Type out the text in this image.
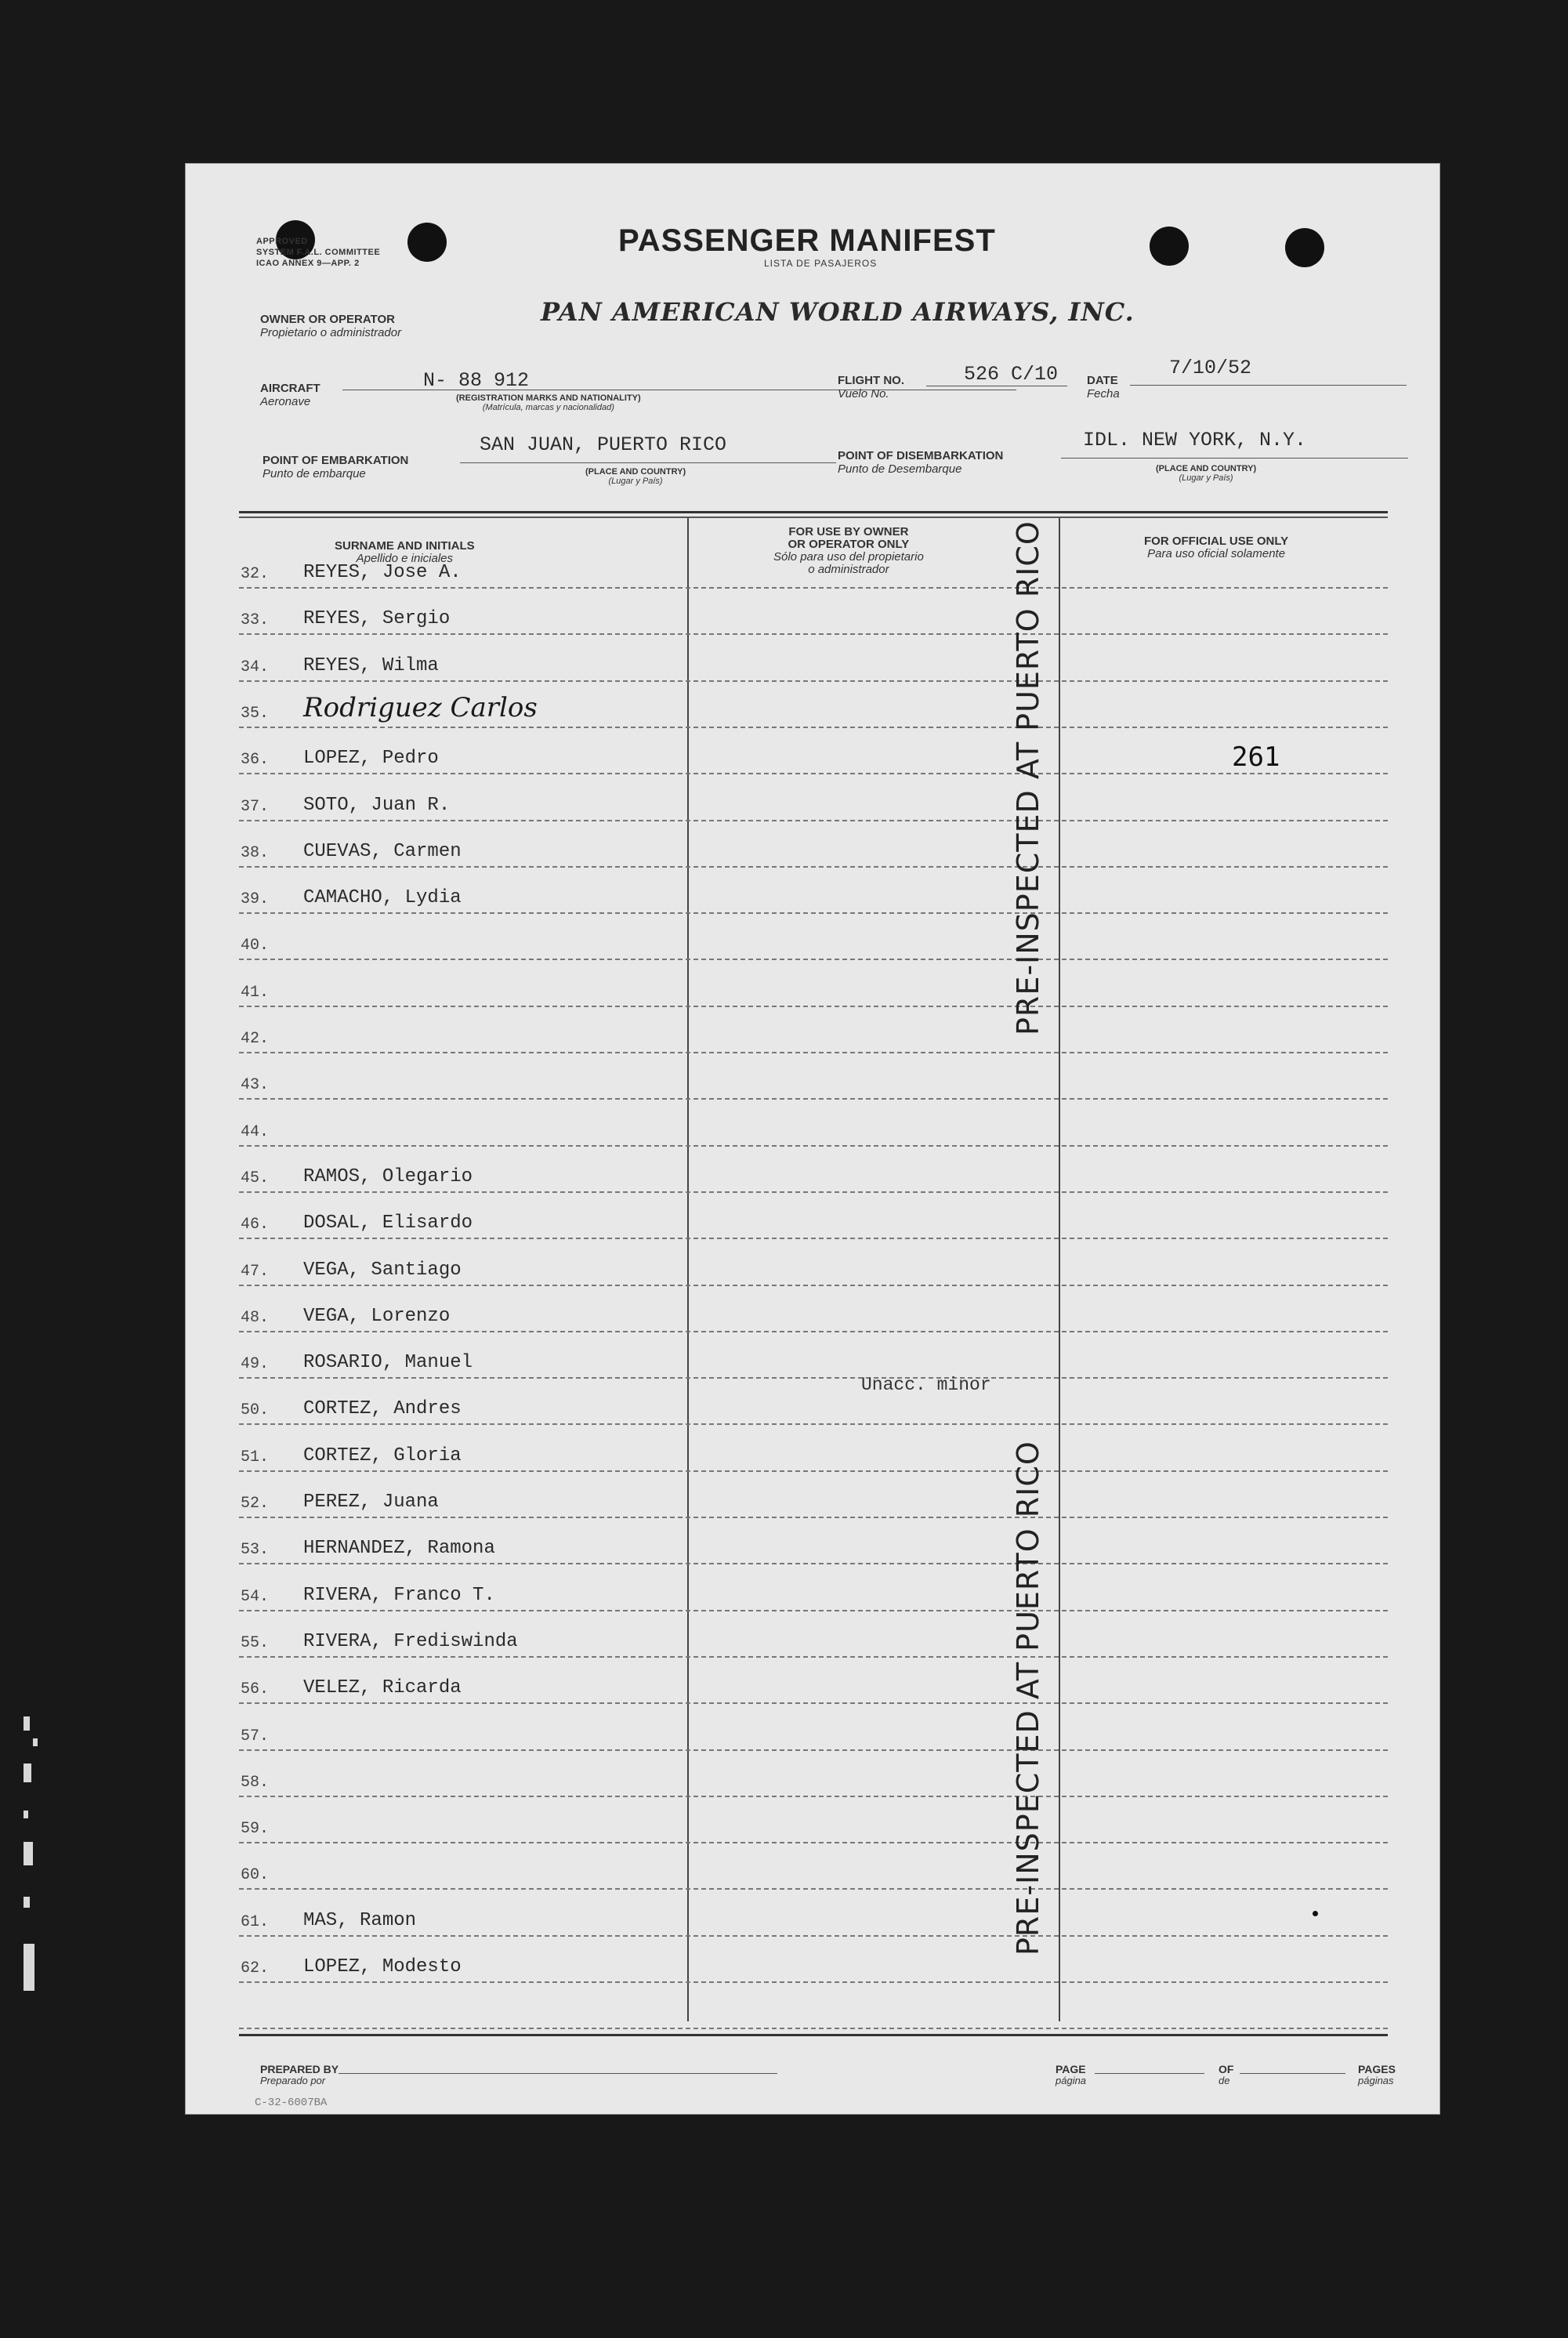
APPROVED
SYSTEM F.A.L. COMMITTEE
ICAO ANNEX 9—APP. 2
PASSENGER MANIFEST
LISTA DE PASAJEROS
OWNER OR OPERATOR
Propietario o administrador
PAN AMERICAN WORLD AIRWAYS, INC.
AIRCRAFT
Aeronave
N- 88 912
(REGISTRATION MARKS AND NATIONALITY)
(Matrícula, marcas y nacionalidad)
FLIGHT NO.
Vuelo No.
526 C/10 DATE
Fecha
7/10/52
POINT OF EMBARKATION
Punto de embarque
SAN JUAN, PUERTO RICO
(PLACE AND COUNTRY)
(Lugar y País)
POINT OF DISEMBARKATION
Punto de Desembarque
IDL. NEW YORK, N.Y.
(PLACE AND COUNTRY)
(Lugar y País)
SURNAME AND INITIALS
Apellido e iniciales
FOR USE BY OWNER
OR OPERATOR ONLY
Sólo para uso del propietario
o administrador
FOR OFFICIAL USE ONLY
Para uso oficial solamente
32. REYES, Jose A.
33. REYES, Sergio
34. REYES, Wilma
35. Rodriguez Carlos
36. LOPEZ, Pedro	261
37. SOTO, Juan R.
38. CUEVAS, Carmen
39. CAMACHO, Lydia
40.
41.
42.
43.
44.
45. RAMOS, Olegario
46. DOSAL, Elisardo
47. VEGA, Santiago
48. VEGA, Lorenzo
49. ROSARIO, Manuel
50. CORTEZ, Andres
Unacc. minor
51. CORTEZ, Gloria
52. PEREZ, Juana
53. HERNANDEZ, Ramona
54. RIVERA, Franco T.
55. RIVERA, Frediswinda
56. VELEZ, Ricarda
57.
58.
59.
60.
61. MAS, Ramon
62. LOPEZ, Modesto
PRE-INSPECTED AT PUERTO RICO
PRE-INSPECTED AT PUERTO RICO
PREPARED BY
Preparado por
PAGE
página
OF
de
PAGES
páginas
C-32-6007BA
